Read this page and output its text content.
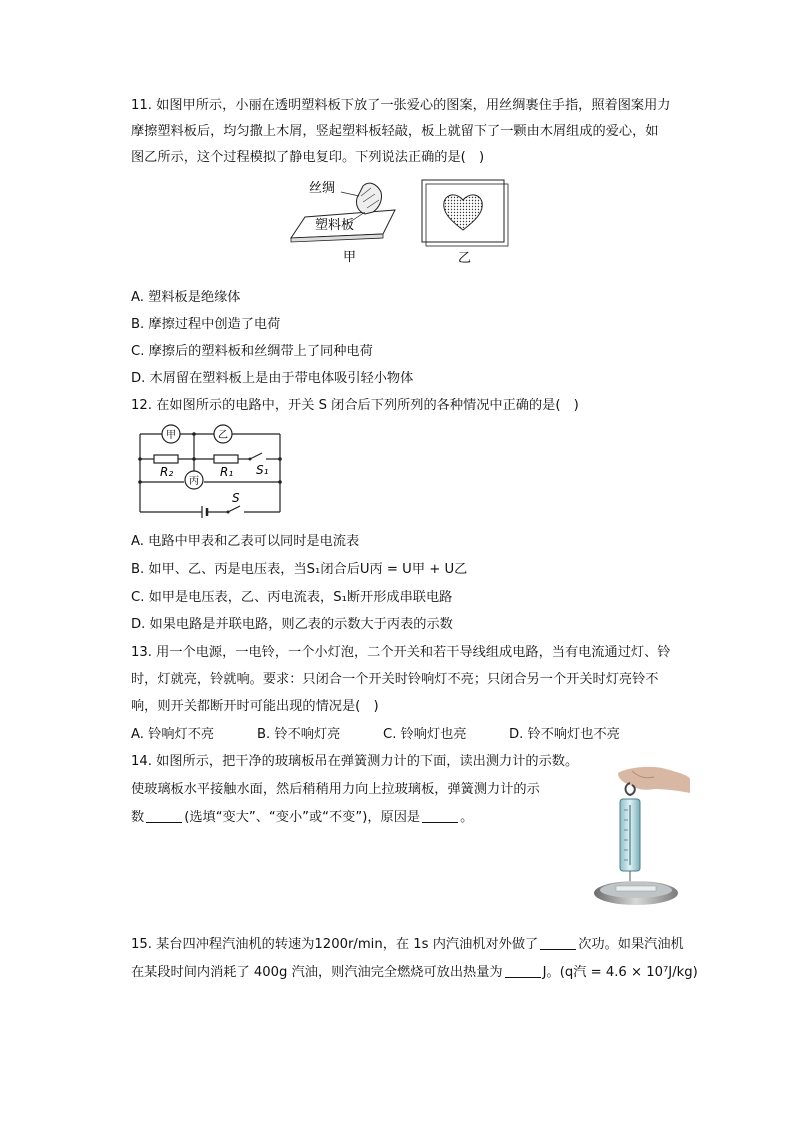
11. 如图甲所示，小丽在透明塑料板下放了一张爱心的图案，用丝绸裹住手指，照着图案用力
摩擦塑料板后，均匀撒上木屑，竖起塑料板轻敲，板上就留下了一颗由木屑组成的爱心，如
图乙所示，这个过程模拟了静电复印。下列说法正确的是(　)
丝绸
塑料板
甲	乙
A. 塑料板是绝缘体
B. 摩擦过程中创造了电荷
C. 摩擦后的塑料板和丝绸带上了同种电荷
D. 木屑留在塑料板上是由于带电体吸引轻小物体
12. 在如图所示的电路中，开关 S 闭合后下列所列的各种情况中正确的是(　)
甲	乙
丙
R₂	R₁ S₁
S
A. 电路中甲表和乙表可以同时是电流表
B. 如甲、乙、丙是电压表，当S₁闭合后U丙 = U甲 + U乙
C. 如甲是电压表，乙、丙电流表，S₁断开形成串联电路
D. 如果电路是并联电路，则乙表的示数大于丙表的示数
13. 用一个电源，一电铃，一个小灯泡，二个开关和若干导线组成电路，当有电流通过灯、铃
时，灯就亮，铃就响。要求：只闭合一个开关时铃响灯不亮；只闭合另一个开关时灯亮铃不
响，则开关都断开时可能出现的情况是(　)
A. 铃响灯不亮	B. 铃不响灯亮	C. 铃响灯也亮	D. 铃不响灯也不亮
14. 如图所示，把干净的玻璃板吊在弹簧测力计的下面，读出测力计的示数。
使玻璃板水平接触水面，然后稍稍用力向上拉玻璃板，弹簧测力计的示
数	(选填“变大”、“变小”或“不变”)，原因是	。
15. 某台四冲程汽油机的转速为1200r/min，在 1s 内汽油机对外做了	次功。如果汽油机
在某段时间内消耗了 400g 汽油，则汽油完全燃烧可放出热量为	J。(q汽 = 4.6 × 10⁷J/kg)
